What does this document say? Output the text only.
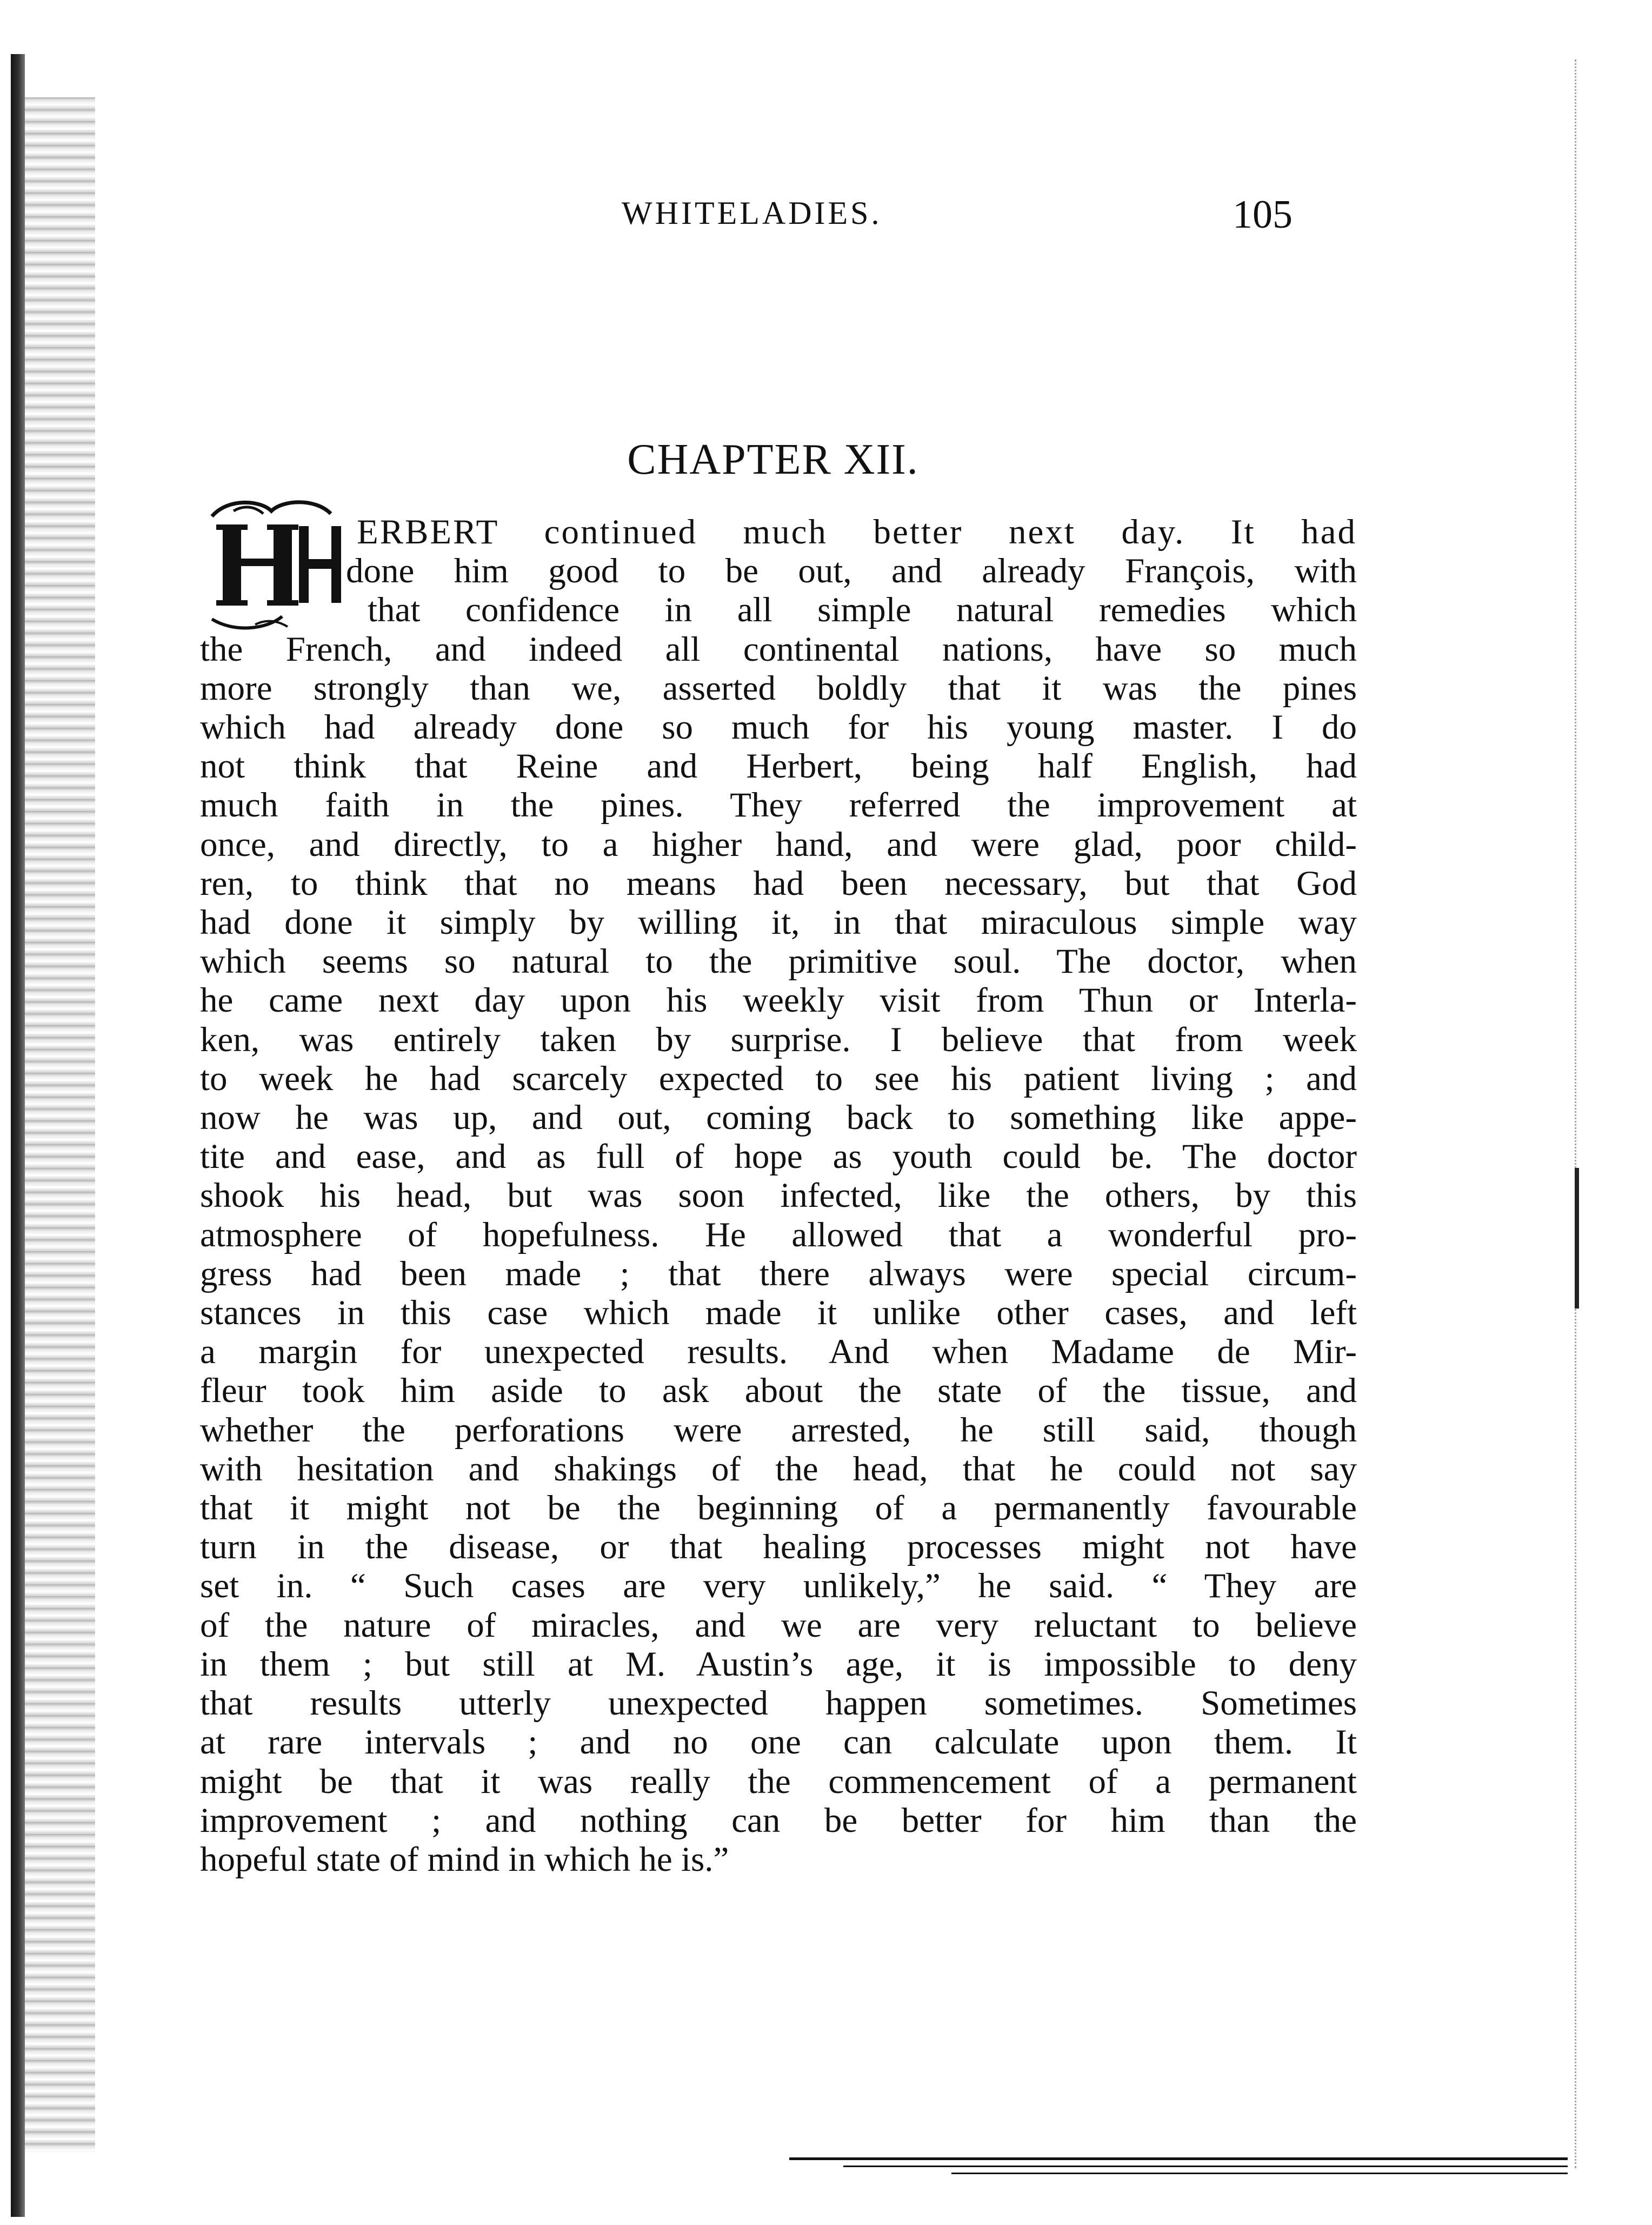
WHITELADIES.	105
CHAPTER XII.
ERBERT continued much better next day. It had
done him good to be out, and already François, with
that confidence in all simple natural remedies which
the French, and indeed all continental nations, have so much
more strongly than we, asserted boldly that it was the pines
which had already done so much for his young master. I do
not think that Reine and Herbert, being half English, had
much faith in the pines. They referred the improvement at
once, and directly, to a higher hand, and were glad, poor child-
ren, to think that no means had been necessary, but that God
had done it simply by willing it, in that miraculous simple way
which seems so natural to the primitive soul. The doctor, when
he came next day upon his weekly visit from Thun or Interla-
ken, was entirely taken by surprise. I believe that from week
to week he had scarcely expected to see his patient living ; and
now he was up, and out, coming back to something like appe-
tite and ease, and as full of hope as youth could be. The doctor
shook his head, but was soon infected, like the others, by this
atmosphere of hopefulness. He allowed that a wonderful pro-
gress had been made ; that there always were special circum-
stances in this case which made it unlike other cases, and left
a margin for unexpected results. And when Madame de Mir-
fleur took him aside to ask about the state of the tissue, and
whether the perforations were arrested, he still said, though
with hesitation and shakings of the head, that he could not say
that it might not be the beginning of a permanently favourable
turn in the disease, or that healing processes might not have
set in. “ Such cases are very unlikely,” he said. “ They are
of the nature of miracles, and we are very reluctant to believe
in them ; but still at M. Austin’s age, it is impossible to deny
that results utterly unexpected happen sometimes. Sometimes
at rare intervals ; and no one can calculate upon them. It
might be that it was really the commencement of a permanent
improvement ; and nothing can be better for him than the
hopeful state of mind in which he is.”
